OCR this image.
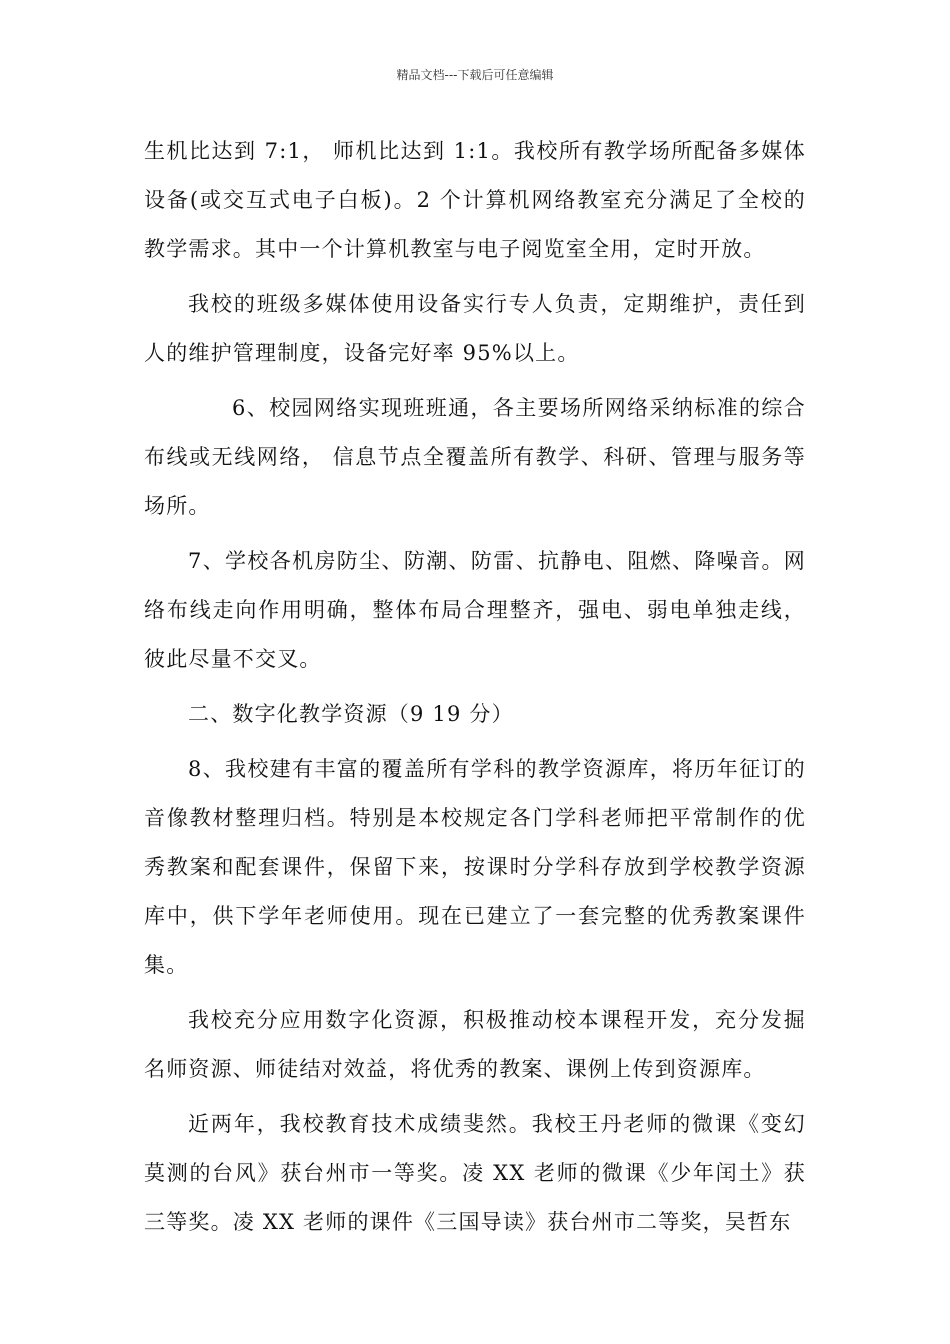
精品文档---下载后可任意编辑

生机比达到 7:1， 师机比达到 1:1。我校所有教学场所配备多媒体设备(或交互式电子白板)。2 个计算机网络教室充分满足了全校的教学需求。其中一个计算机教室与电子阅览室全用，定时开放。

我校的班级多媒体使用设备实行专人负责，定期维护，责任到人的维护管理制度，设备完好率 95%以上。

6、校园网络实现班班通，各主要场所网络采纳标准的综合布线或无线网络， 信息节点全覆盖所有教学、科研、管理与服务等场所。

7、学校各机房防尘、防潮、防雷、抗静电、阻燃、降噪音。网络布线走向作用明确，整体布局合理整齐，强电、弱电单独走线，彼此尽量不交叉。

二、数字化教学资源（9 19 分）

8、我校建有丰富的覆盖所有学科的教学资源库，将历年征订的音像教材整理归档。特别是本校规定各门学科老师把平常制作的优秀教案和配套课件，保留下来，按课时分学科存放到学校教学资源库中，供下学年老师使用。现在已建立了一套完整的优秀教案课件集。

我校充分应用数字化资源，积极推动校本课程开发，充分发掘名师资源、师徒结对效益，将优秀的教案、课例上传到资源库。

近两年，我校教育技术成绩斐然。我校王丹老师的微课《变幻莫测的台风》获台州市一等奖。凌 XX 老师的微课《少年闰土》获三等奖。凌 XX 老师的课件《三国导读》获台州市二等奖，吴哲东
